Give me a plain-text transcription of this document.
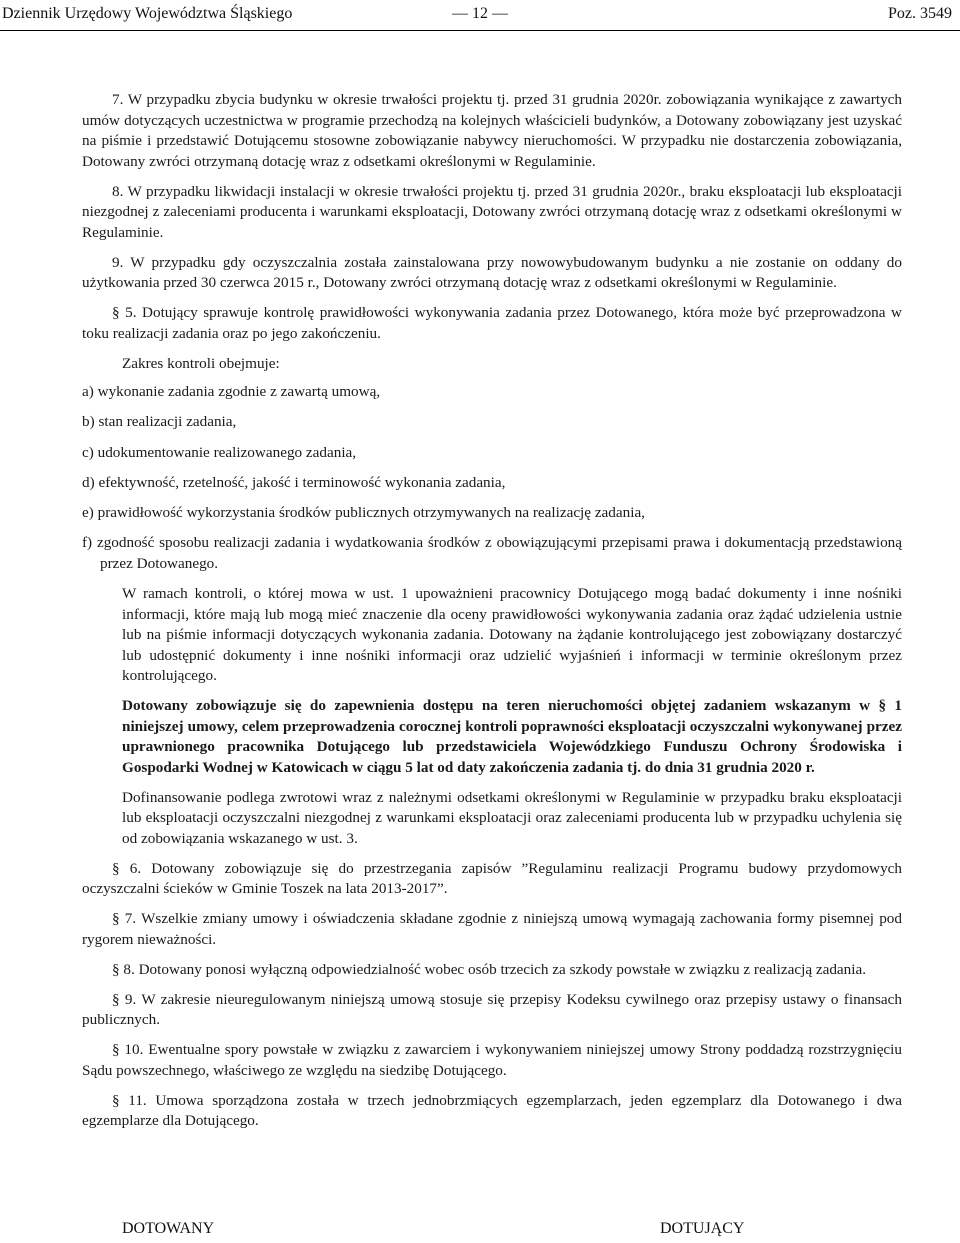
Dziennik Urzędowy Województwa Śląskiego	— 12 —	Poz. 3549

7. W przypadku zbycia budynku w okresie trwałości projektu tj. przed 31 grudnia 2020r. zobowiązania wynikające z zawartych umów dotyczących uczestnictwa w programie przechodzą na kolejnych właścicieli budynków, a Dotowany zobowiązany jest uzyskać na piśmie i przedstawić Dotującemu stosowne zobowiązanie nabywcy nieruchomości. W przypadku nie dostarczenia zobowiązania, Dotowany zwróci otrzymaną dotację wraz z odsetkami określonymi w Regulaminie.

8. W przypadku likwidacji instalacji w okresie trwałości projektu tj. przed 31 grudnia 2020r., braku eksploatacji lub eksploatacji niezgodnej z zaleceniami producenta i warunkami eksploatacji, Dotowany zwróci otrzymaną dotację wraz z odsetkami określonymi w Regulaminie.

9. W przypadku gdy oczyszczalnia została zainstalowana przy nowowybudowanym budynku a nie zostanie on oddany do użytkowania przed 30 czerwca 2015 r., Dotowany zwróci otrzymaną dotację wraz z odsetkami określonymi w Regulaminie.

§ 5. Dotujący sprawuje kontrolę prawidłowości wykonywania zadania przez Dotowanego, która może być przeprowadzona w toku realizacji zadania oraz po jego zakończeniu.

Zakres kontroli obejmuje:

a) wykonanie zadania zgodnie z zawartą umową,

b) stan realizacji zadania,

c) udokumentowanie realizowanego zadania,

d) efektywność, rzetelność, jakość i terminowość wykonania zadania,

e) prawidłowość wykorzystania środków publicznych otrzymywanych na realizację zadania,

f) zgodność sposobu realizacji zadania i wydatkowania środków z obowiązującymi przepisami prawa i dokumentacją przedstawioną przez Dotowanego.

W ramach kontroli, o której mowa w ust. 1 upoważnieni pracownicy Dotującego mogą badać dokumenty i inne nośniki informacji, które mają lub mogą mieć znaczenie dla oceny prawidłowości wykonywania zadania oraz żądać udzielenia ustnie lub na piśmie informacji dotyczących wykonania zadania. Dotowany na żądanie kontrolującego jest zobowiązany dostarczyć lub udostępnić dokumenty i inne nośniki informacji oraz udzielić wyjaśnień i informacji w terminie określonym przez kontrolującego.

Dotowany zobowiązuje się do zapewnienia dostępu na teren nieruchomości objętej zadaniem wskazanym w § 1 niniejszej umowy, celem przeprowadzenia corocznej kontroli poprawności eksploatacji oczyszczalni wykonywanej przez uprawnionego pracownika Dotującego lub przedstawiciela Wojewódzkiego Funduszu Ochrony Środowiska i Gospodarki Wodnej w Katowicach w ciągu 5 lat od daty zakończenia zadania tj. do dnia 31 grudnia 2020 r.

Dofinansowanie podlega zwrotowi wraz z należnymi odsetkami określonymi w Regulaminie w przypadku braku eksploatacji lub eksploatacji oczyszczalni niezgodnej z warunkami eksploatacji oraz zaleceniami producenta lub w przypadku uchylenia się od zobowiązania wskazanego w ust. 3.

§ 6. Dotowany zobowiązuje się do przestrzegania zapisów ”Regulaminu realizacji Programu budowy przydomowych oczyszczalni ścieków w Gminie Toszek na lata 2013-2017”.

§ 7. Wszelkie zmiany umowy i oświadczenia składane zgodnie z niniejszą umową wymagają zachowania formy pisemnej pod rygorem nieważności.

§ 8. Dotowany ponosi wyłączną odpowiedzialność wobec osób trzecich za szkody powstałe w związku z realizacją zadania.

§ 9. W zakresie nieuregulowanym niniejszą umową stosuje się przepisy Kodeksu cywilnego oraz przepisy ustawy o finansach publicznych.

§ 10. Ewentualne spory powstałe w związku z zawarciem i wykonywaniem niniejszej umowy Strony poddadzą rozstrzygnięciu Sądu powszechnego, właściwego ze względu na siedzibę Dotującego.

§ 11. Umowa sporządzona została w trzech jednobrzmiących egzemplarzach, jeden egzemplarz dla Dotowanego i dwa egzemplarze dla Dotującego.

DOTOWANY	DOTUJĄCY
